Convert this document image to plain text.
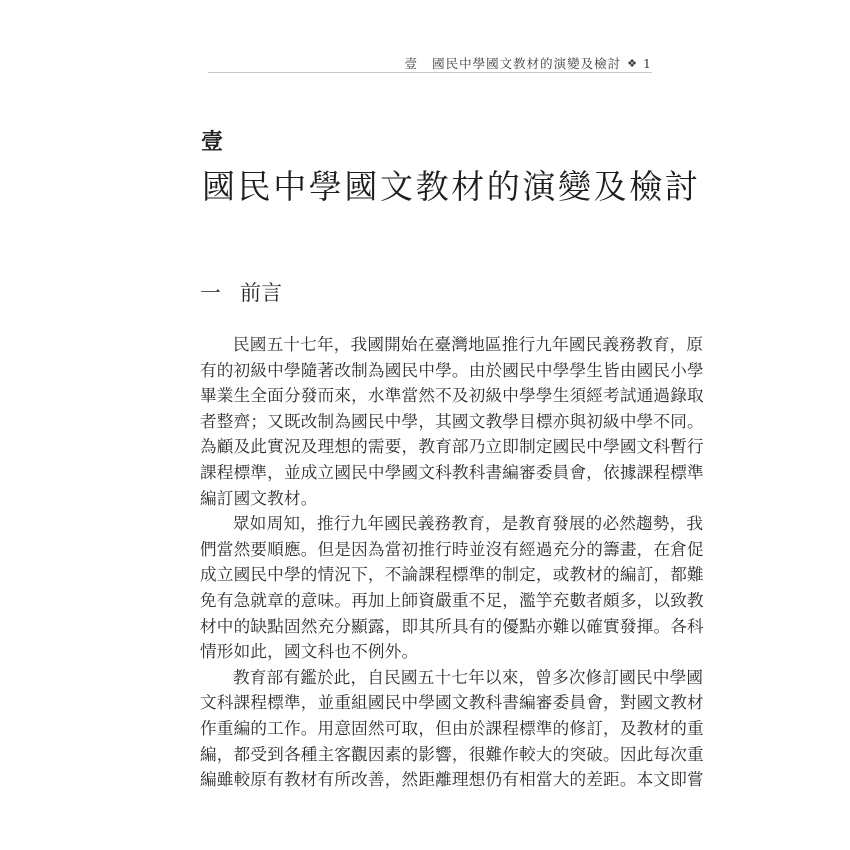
壹 國民中學國文教材的演變及檢討 ❖ 1
壹
國民中學國文教材的演變及檢討
一 前言
民國五十七年，我國開始在臺灣地區推行九年國民義務教育，原
有的初級中學隨著改制為國民中學。由於國民中學學生皆由國民小學
畢業生全面分發而來，水準當然不及初級中學學生須經考試通過錄取
者整齊；又既改制為國民中學，其國文教學目標亦與初級中學不同。
為顧及此實況及理想的需要，教育部乃立即制定國民中學國文科暫行
課程標準，並成立國民中學國文科教科書編審委員會，依據課程標準
編訂國文教材。
眾如周知，推行九年國民義務教育，是教育發展的必然趨勢，我
們當然要順應。但是因為當初推行時並沒有經過充分的籌畫，在倉促
成立國民中學的情況下，不論課程標準的制定，或教材的編訂，都難
免有急就章的意味。再加上師資嚴重不足，濫竽充數者頗多，以致教
材中的缺點固然充分顯露，即其所具有的優點亦難以確實發揮。各科
情形如此，國文科也不例外。
教育部有鑑於此，自民國五十七年以來，曾多次修訂國民中學國
文科課程標準，並重組國民中學國文教科書編審委員會，對國文教材
作重編的工作。用意固然可取，但由於課程標準的修訂，及教材的重
編，都受到各種主客觀因素的影響，很難作較大的突破。因此每次重
編雖較原有教材有所改善，然距離理想仍有相當大的差距。本文即嘗
